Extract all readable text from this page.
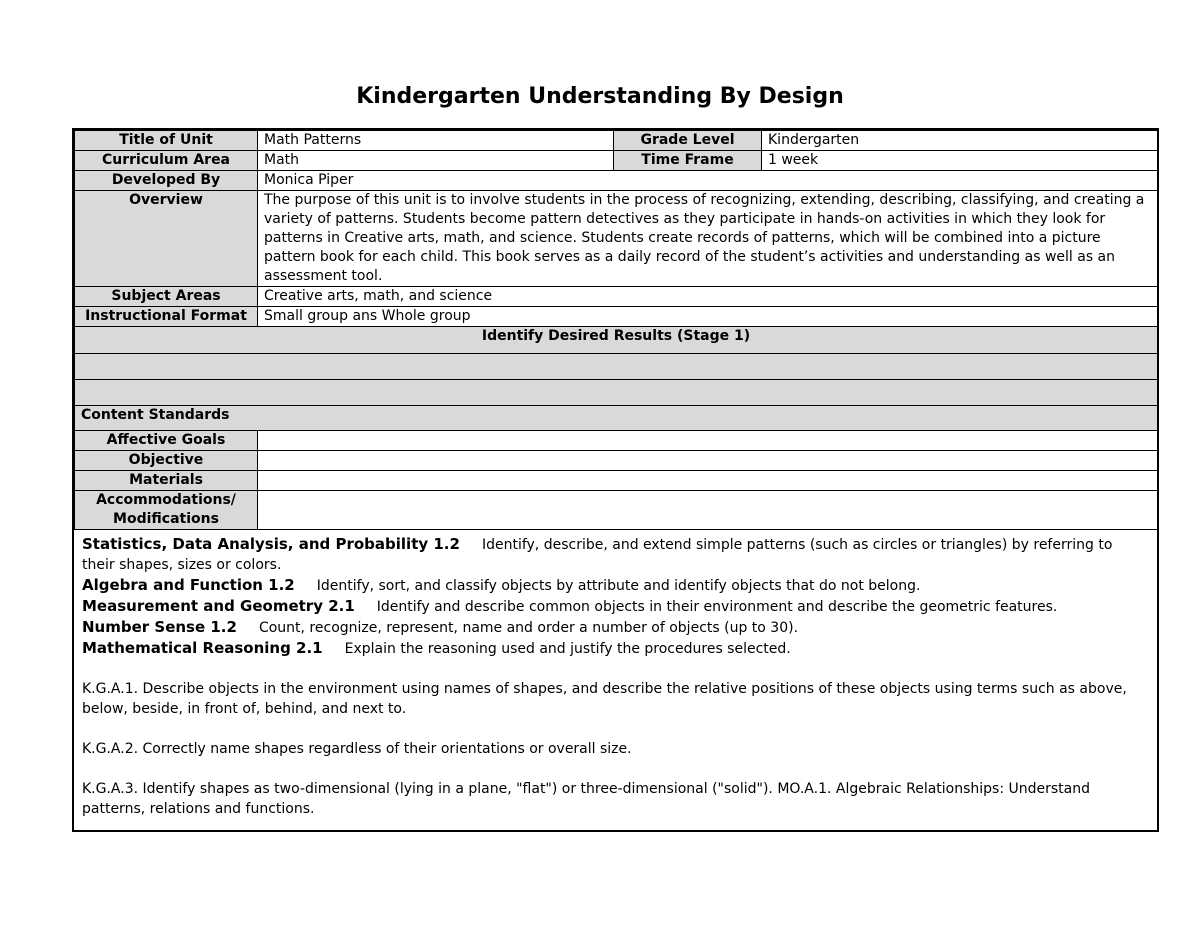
Kindergarten Understanding By Design
Title of Unit	Math Patterns	Grade Level	Kindergarten
Curriculum Area	Math	Time Frame	1 week
Developed By	Monica Piper		
Overview	The purpose of this unit is to involve students in the process of recognizing, extending, describing, classifying, and creating a variety of patterns. Students become pattern detectives as they participate in hands-on activities in which they look for patterns in Creative arts, math, and science. Students create records of patterns, which will be combined into a picture pattern book for each child. This book serves as a daily record of the student’s activities and understanding as well as an assessment tool.		
Subject Areas	Creative arts, math, and science		
Instructional Format	Small group ans Whole group		
Identify Desired Results (Stage 1)			

Content Standards			
Affective Goals			
Objective			
Materials			
Accommodations/ Modifications			

Statistics, Data Analysis, and Probability 1.2 Identify, describe, and extend simple patterns (such as circles or triangles) by referring to their shapes, sizes or colors.

Algebra and Function 1.2 Identify, sort, and classify objects by attribute and identify objects that do not belong.

Measurement and Geometry 2.1 Identify and describe common objects in their environment and describe the geometric features.

Number Sense 1.2 Count, recognize, represent, name and order a number of objects (up to 30).

Mathematical Reasoning 2.1 Explain the reasoning used and justify the procedures selected.

K.G.A.1. Describe objects in the environment using names of shapes, and describe the relative positions of these objects using terms such as above, below, beside, in front of, behind, and next to.

K.G.A.2. Correctly name shapes regardless of their orientations or overall size.

K.G.A.3. Identify shapes as two-dimensional (lying in a plane, "flat") or three-dimensional ("solid"). MO.A.1. Algebraic Relationships: Understand patterns, relations and functions.
